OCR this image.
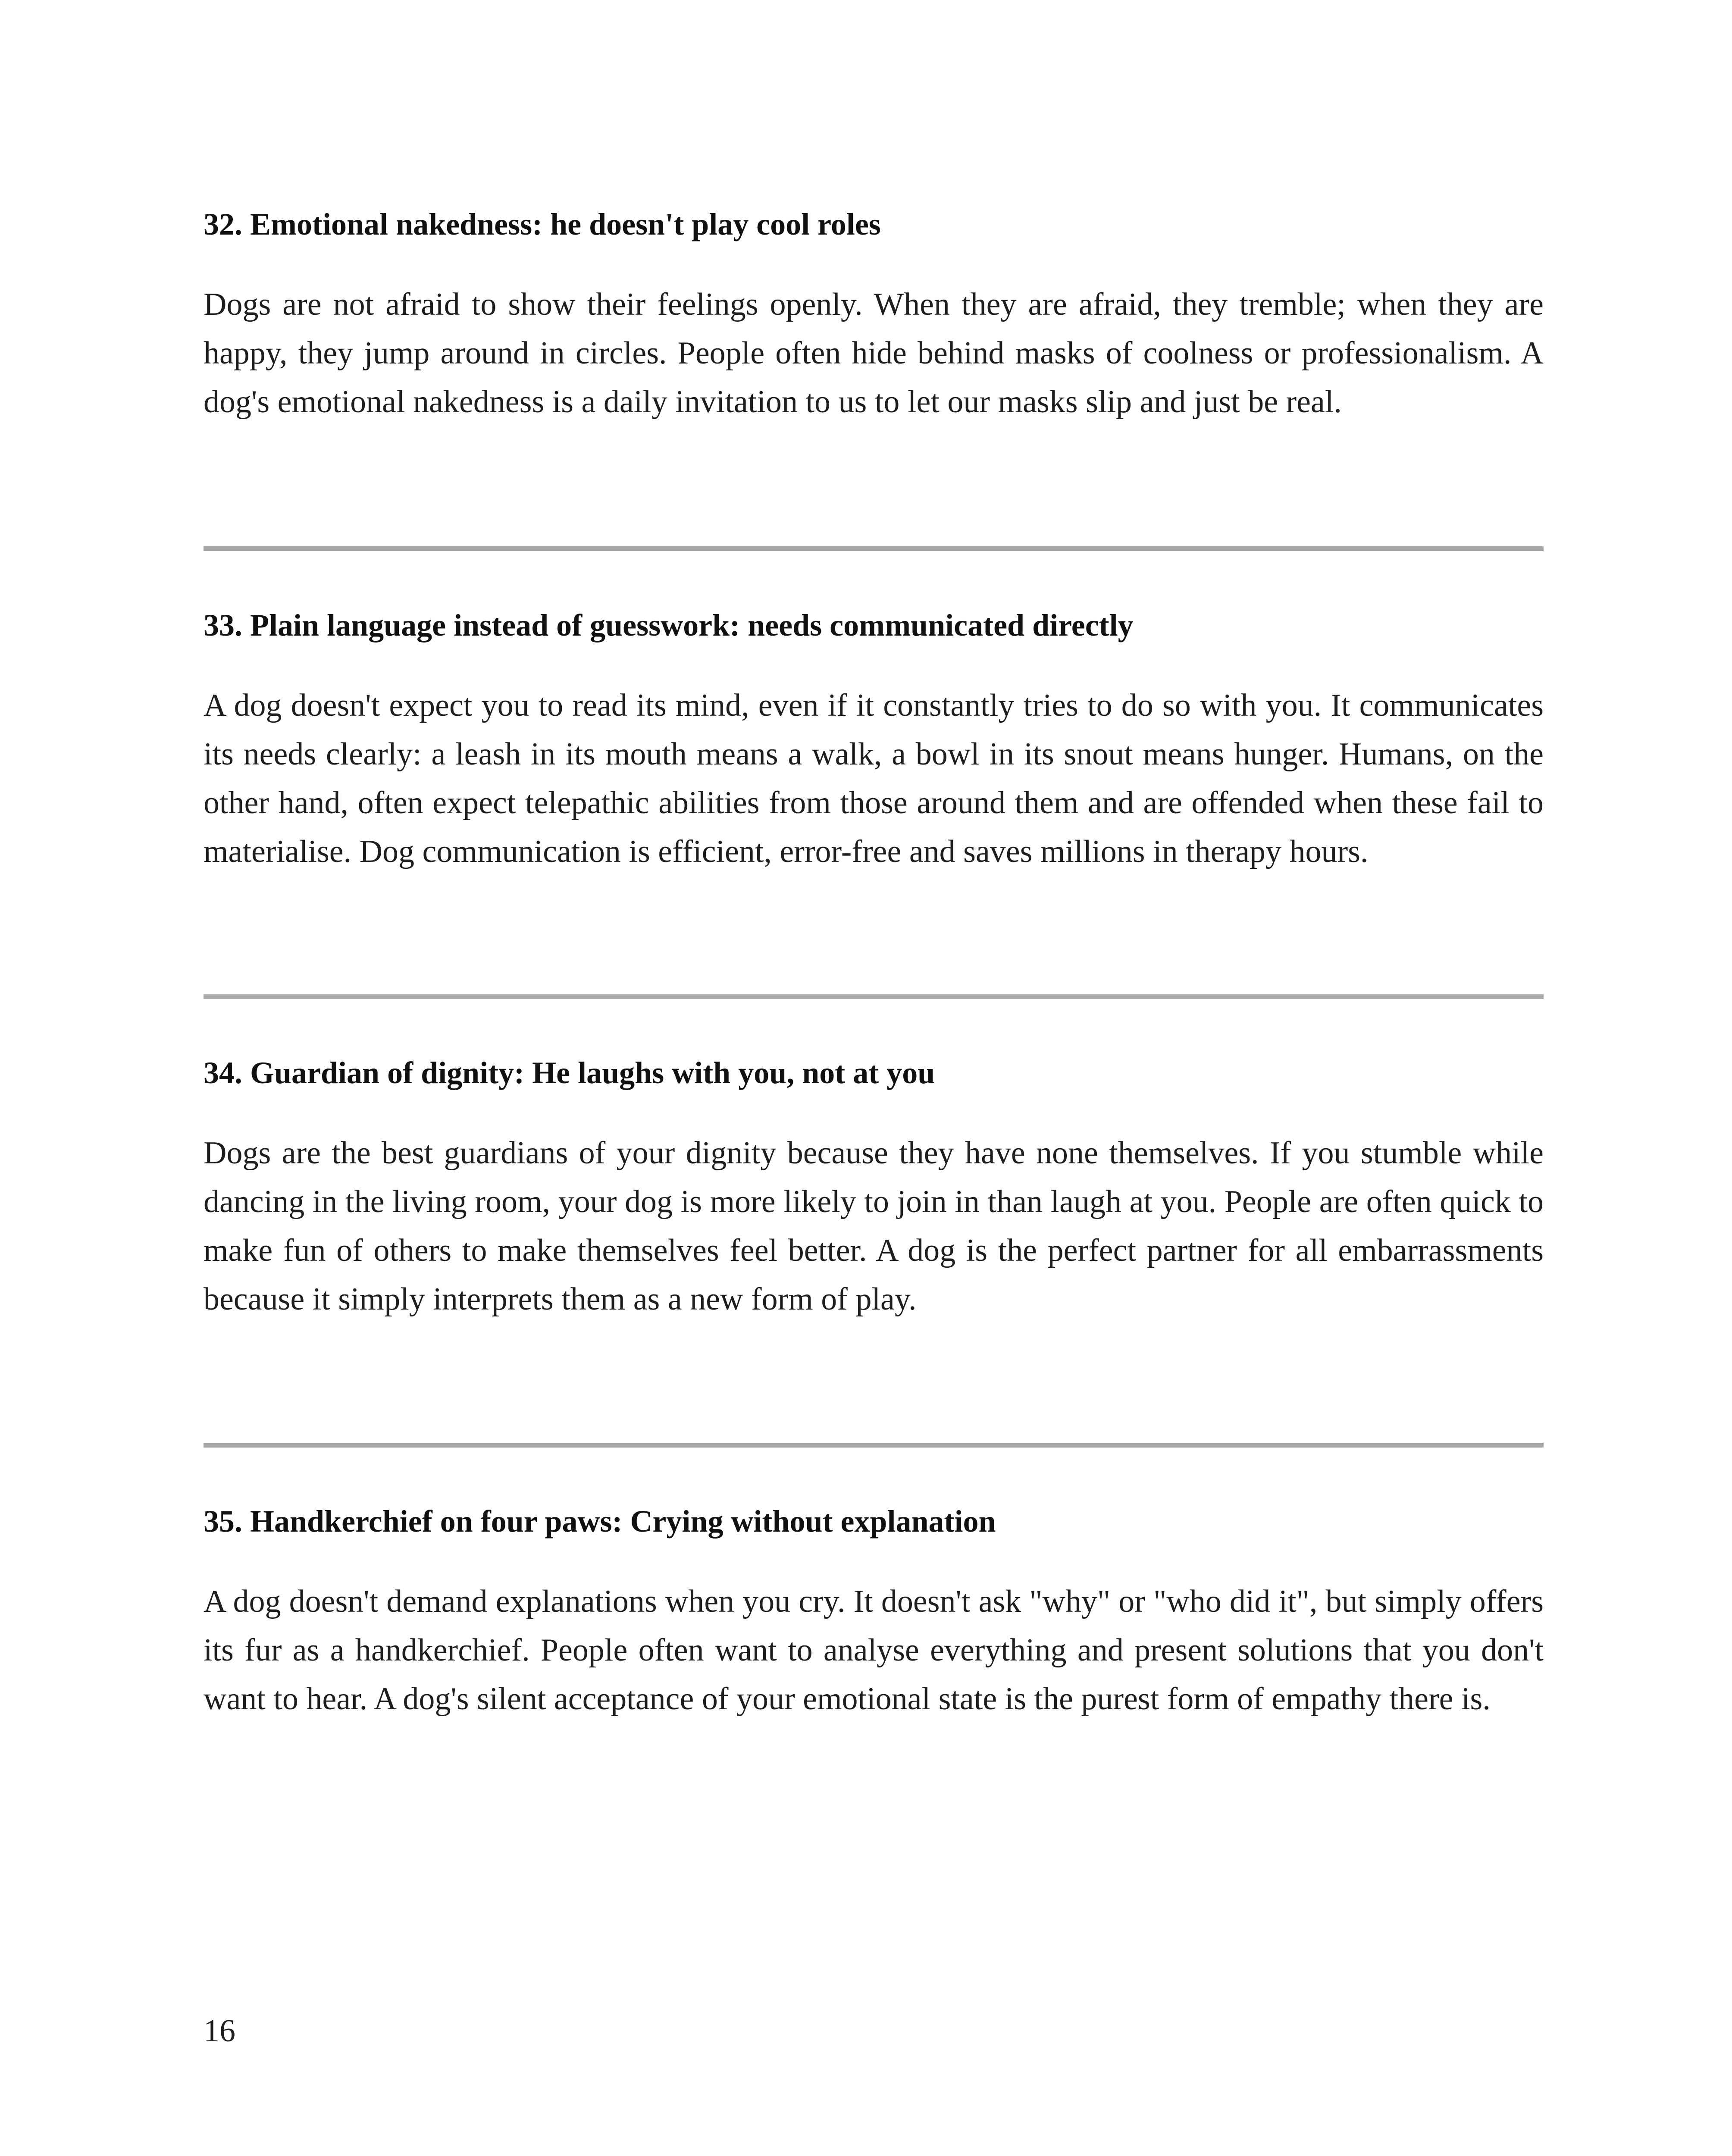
32. Emotional nakedness: he doesn't play cool roles

Dogs are not afraid to show their feelings openly. When they are afraid, they tremble; when they are happy, they jump around in circles. People often hide behind masks of coolness or professionalism. A dog's emotional nakedness is a daily invitation to us to let our masks slip and just be real.

33. Plain language instead of guesswork: needs communicated directly

A dog doesn't expect you to read its mind, even if it constantly tries to do so with you. It communicates its needs clearly: a leash in its mouth means a walk, a bowl in its snout means hunger. Humans, on the other hand, often expect telepathic abilities from those around them and are offended when these fail to materialise. Dog communication is efficient, error-free and saves millions in therapy hours.

34. Guardian of dignity: He laughs with you, not at you

Dogs are the best guardians of your dignity because they have none themselves. If you stumble while dancing in the living room, your dog is more likely to join in than laugh at you. People are often quick to make fun of others to make themselves feel better. A dog is the perfect partner for all embarrassments because it simply interprets them as a new form of play.

35. Handkerchief on four paws: Crying without explanation

A dog doesn't demand explanations when you cry. It doesn't ask "why" or "who did it", but simply offers its fur as a handkerchief. People often want to analyse everything and present solutions that you don't want to hear. A dog's silent acceptance of your emotional state is the purest form of empathy there is.

16
